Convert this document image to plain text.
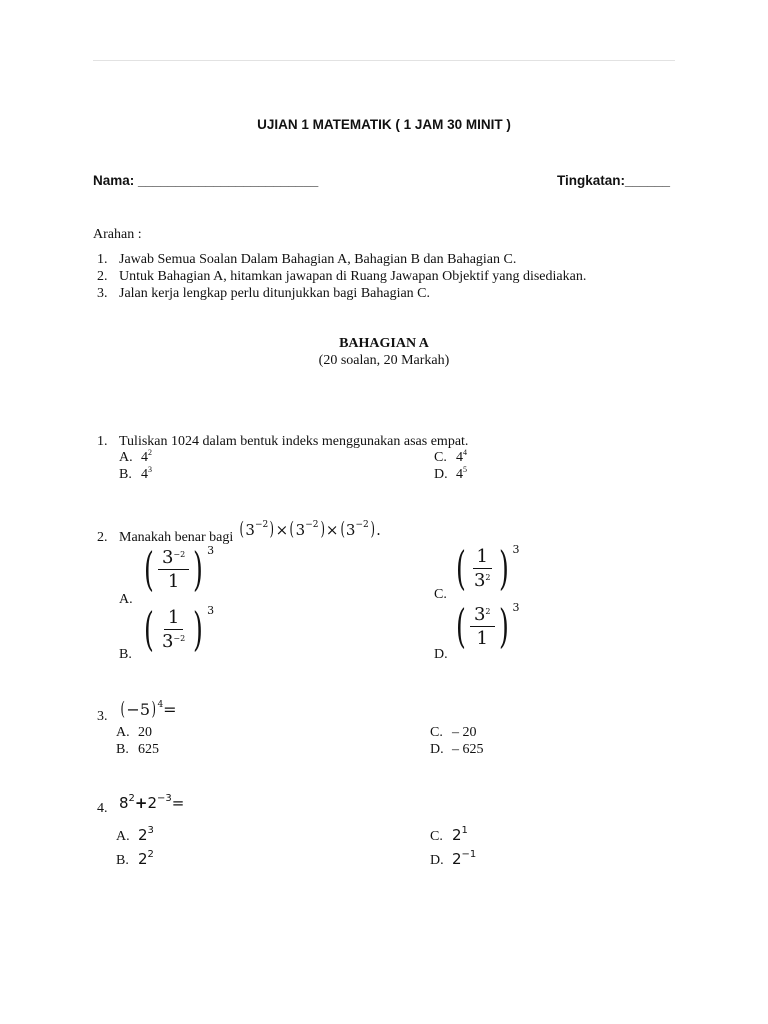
UJIAN 1 MATEMATIK ( 1 JAM 30 MINIT )
Nama: ________________________	Tingkatan:______
Arahan :
1. Jawab Semua Soalan Dalam Bahagian A, Bahagian B dan Bahagian C.
2. Untuk Bahagian A, hitamkan jawapan di Ruang Jawapan Objektif yang disediakan.
3. Jalan kerja lengkap perlu ditunjukkan bagi Bahagian C.
BAHAGIAN A
(20 soalan, 20 Markah)
1. Tuliskan 1024 dalam bentuk indeks menggunakan asas empat.
A. $4^2$
B. $4^3$
C. $4^4$
D. $4^5$
2. Manakah benar bagi $(3^{-2})\times(3^{-2})\times(3^{-2})$.
A.
( $\frac{3^{-2}}{1}$ ) 3
B. ( $\frac{1}{3^{-2}}$ ) 3
C. ( $\frac{1}{3^2}$ ) 3
D.
( $\frac{3^2}{1}$ ) 3
3. $(-5)^4=$
A. 20
B. 625
C. – 20
D. – 625
4. $8^2+2^{-3}=$
A. $2^3$
B. $2^2$
C. $2^1$
D. $2^{-1}$
